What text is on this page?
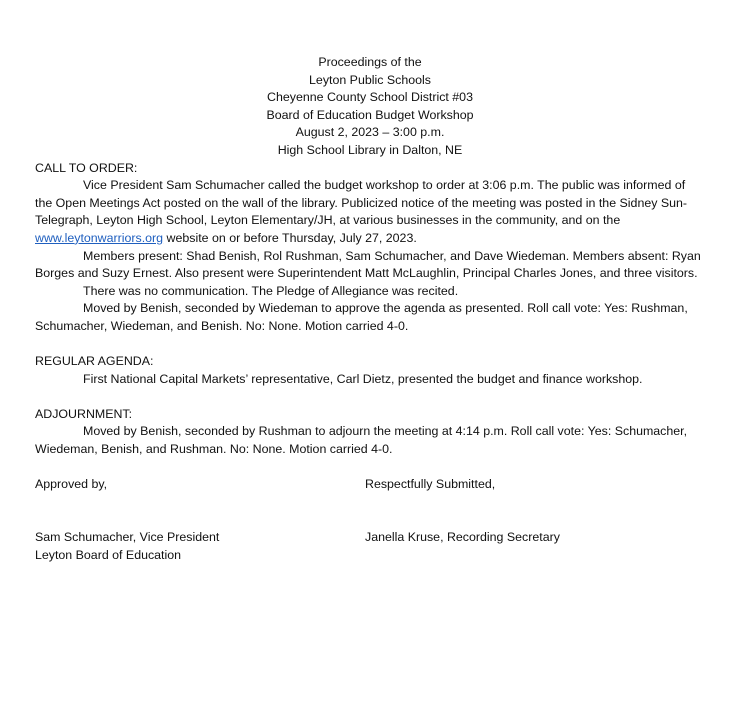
Proceedings of the
Leyton Public Schools
Cheyenne County School District #03
Board of Education Budget Workshop
August 2, 2023 – 3:00 p.m.
High School Library in Dalton, NE
CALL TO ORDER:
Vice President Sam Schumacher called the budget workshop to order at 3:06 p.m. The public was informed of the Open Meetings Act posted on the wall of the library. Publicized notice of the meeting was posted in the Sidney Sun-Telegraph, Leyton High School, Leyton Elementary/JH, at various businesses in the community, and on the www.leytonwarriors.org website on or before Thursday, July 27, 2023.
Members present: Shad Benish, Rol Rushman, Sam Schumacher, and Dave Wiedeman. Members absent: Ryan Borges and Suzy Ernest. Also present were Superintendent Matt McLaughlin, Principal Charles Jones, and three visitors.
There was no communication. The Pledge of Allegiance was recited.
Moved by Benish, seconded by Wiedeman to approve the agenda as presented. Roll call vote: Yes: Rushman, Schumacher, Wiedeman, and Benish. No: None. Motion carried 4-0.
REGULAR AGENDA:
First National Capital Markets’ representative, Carl Dietz, presented the budget and finance workshop.
ADJOURNMENT:
Moved by Benish, seconded by Rushman to adjourn the meeting at 4:14 p.m. Roll call vote: Yes: Schumacher, Wiedeman, Benish, and Rushman. No: None. Motion carried 4-0.
Approved by,	Respectfully Submitted,
Sam Schumacher, Vice President	Janella Kruse, Recording Secretary
Leyton Board of Education
